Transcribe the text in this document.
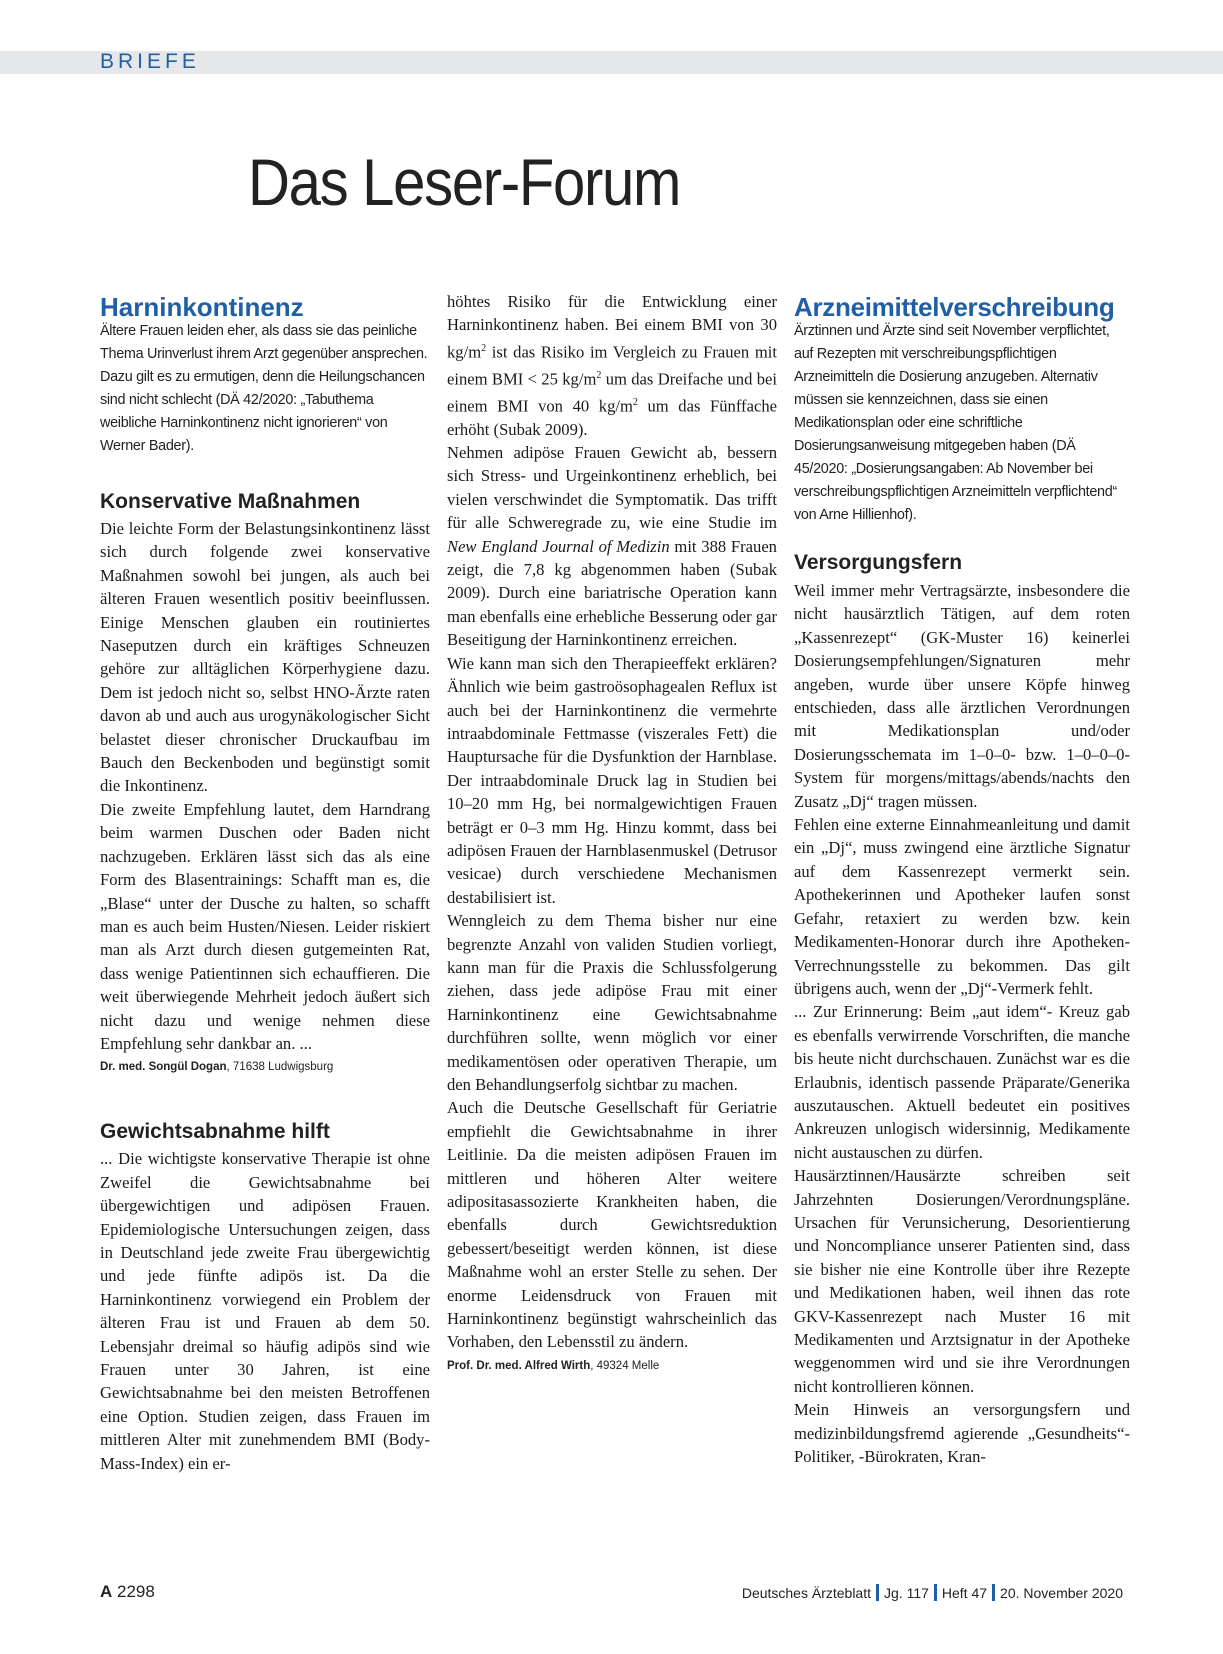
BRIEFE
Das Leser-Forum
Harninkontinenz

Ältere Frauen leiden eher, als dass sie das peinliche Thema Urinverlust ihrem Arzt gegenüber ansprechen. Dazu gilt es zu ermutigen, denn die Heilungschancen sind nicht schlecht (DÄ 42/2020: „Tabuthema weibliche Harninkontinenz nicht ignorieren“ von Werner Bader).

Konservative Maßnahmen

Die leichte Form der Belastungsinkontinenz lässt sich durch folgende zwei konservative Maßnahmen sowohl bei jungen, als auch bei älteren Frauen wesentlich positiv beeinflussen. Einige Menschen glauben ein routiniertes Naseputzen durch ein kräftiges Schneuzen gehöre zur alltäglichen Körperhygiene dazu. Dem ist jedoch nicht so, selbst HNO-Ärzte raten davon ab und auch aus urogynäkologischer Sicht belastet dieser chronischer Druckaufbau im Bauch den Beckenboden und begünstigt somit die Inkontinenz.

Die zweite Empfehlung lautet, dem Harndrang beim warmen Duschen oder Baden nicht nachzugeben. Erklären lässt sich das als eine Form des Blasentrainings: Schafft man es, die „Blase“ unter der Dusche zu halten, so schafft man es auch beim Husten/Niesen. Leider riskiert man als Arzt durch diesen gutgemeinten Rat, dass wenige Patientinnen sich echauffieren. Die weit überwiegende Mehrheit jedoch äußert sich nicht dazu und wenige nehmen diese Empfehlung sehr dankbar an. ...

Dr. med. Songül Dogan, 71638 Ludwigsburg

Gewichtsabnahme hilft

... Die wichtigste konservative Therapie ist ohne Zweifel die Gewichtsabnahme bei übergewichtigen und adipösen Frauen. Epidemiologische Untersuchungen zeigen, dass in Deutschland jede zweite Frau übergewichtig und jede fünfte adipös ist. Da die Harninkontinenz vorwiegend ein Problem der älteren Frau ist und Frauen ab dem 50. Lebensjahr dreimal so häufig adipös sind wie Frauen unter 30 Jahren, ist eine Gewichtsabnahme bei den meisten Betroffenen eine Option. Studien zeigen, dass Frauen im mittleren Alter mit zunehmendem BMI (Body-Mass-Index) ein er-

höhtes Risiko für die Entwicklung einer Harninkontinenz haben. Bei einem BMI von 30 $kg/m^2$ ist das Risiko im Vergleich zu Frauen mit einem BMI < 25 $kg/m^2$ um das Dreifache und bei einem BMI von 40 $kg/m^2$ um das Fünffache erhöht (Subak 2009).

Nehmen adipöse Frauen Gewicht ab, bessern sich Stress- und Urgeinkontinenz erheblich, bei vielen verschwindet die Symptomatik. Das trifft für alle Schweregrade zu, wie eine Studie im New England Journal of Medizin mit 388 Frauen zeigt, die 7,8 kg abgenommen haben (Subak 2009). Durch eine bariatrische Operation kann man ebenfalls eine erhebliche Besserung oder gar Beseitigung der Harninkontinenz erreichen.

Wie kann man sich den Therapieeffekt erklären? Ähnlich wie beim gastroösophagealen Reflux ist auch bei der Harninkontinenz die vermehrte intraabdominale Fettmasse (viszerales Fett) die Hauptursache für die Dysfunktion der Harnblase. Der intraabdominale Druck lag in Studien bei 10–20 mm Hg, bei normalgewichtigen Frauen beträgt er 0–3 mm Hg. Hinzu kommt, dass bei adipösen Frauen der Harnblasenmuskel (Detrusor vesicae) durch verschiedene Mechanismen destabilisiert ist.

Wenngleich zu dem Thema bisher nur eine begrenzte Anzahl von validen Studien vorliegt, kann man für die Praxis die Schlussfolgerung ziehen, dass jede adipöse Frau mit einer Harninkontinenz eine Gewichtsabnahme durchführen sollte, wenn möglich vor einer medikamentösen oder operativen Therapie, um den Behandlungserfolg sichtbar zu machen.

Auch die Deutsche Gesellschaft für Geriatrie empfiehlt die Gewichtsabnahme in ihrer Leitlinie. Da die meisten adipösen Frauen im mittleren und höheren Alter weitere adipositasassozierte Krankheiten haben, die ebenfalls durch Gewichtsreduktion gebessert/beseitigt werden können, ist diese Maßnahme wohl an erster Stelle zu sehen. Der enorme Leidensdruck von Frauen mit Harninkontinenz begünstigt wahrscheinlich das Vorhaben, den Lebensstil zu ändern.

Prof. Dr. med. Alfred Wirth, 49324 Melle

Arzneimittelverschreibung

Ärztinnen und Ärzte sind seit November verpflichtet, auf Rezepten mit verschreibungspflichtigen Arzneimitteln die Dosierung anzugeben. Alternativ müssen sie kennzeichnen, dass sie einen Medikationsplan oder eine schriftliche Dosierungsanweisung mitgegeben haben (DÄ 45/2020: „Dosierungsangaben: Ab November bei verschreibungspflichtigen Arzneimitteln verpflichtend“ von Arne Hillienhof).

Versorgungsfern

Weil immer mehr Vertragsärzte, insbesondere die nicht hausärztlich Tätigen, auf dem roten „Kassenrezept“ (GK-Muster 16) keinerlei Dosierungsempfehlungen/Signaturen mehr angeben, wurde über unsere Köpfe hinweg entschieden, dass alle ärztlichen Verordnungen mit Medikationsplan und/oder Dosierungsschemata im 1–0–0- bzw. 1–0–0–0-System für morgens/mittags/abends/nachts den Zusatz „Dj“ tragen müssen.

Fehlen eine externe Einnahmeanleitung und damit ein „Dj“, muss zwingend eine ärztliche Signatur auf dem Kassenrezept vermerkt sein. Apothekerinnen und Apotheker laufen sonst Gefahr, retaxiert zu werden bzw. kein Medikamenten-Honorar durch ihre Apotheken-Verrechnungsstelle zu bekommen. Das gilt übrigens auch, wenn der „Dj“-Vermerk fehlt.

... Zur Erinnerung: Beim „aut idem“- Kreuz gab es ebenfalls verwirrende Vorschriften, die manche bis heute nicht durchschauen. Zunächst war es die Erlaubnis, identisch passende Präparate/Generika auszutauschen. Aktuell bedeutet ein positives Ankreuzen unlogisch widersinnig, Medikamente nicht austauschen zu dürfen.

Hausärztinnen/Hausärzte schreiben seit Jahrzehnten Dosierungen/Verordnungspläne. Ursachen für Verunsicherung, Desorientierung und Noncompliance unserer Patienten sind, dass sie bisher nie eine Kontrolle über ihre Rezepte und Medikationen haben, weil ihnen das rote GKV-Kassenrezept nach Muster 16 mit Medikamenten und Arztsignatur in der Apotheke weggenommen wird und sie ihre Verordnungen nicht kontrollieren können.

Mein Hinweis an versorgungsfern und medizinbildungsfremd agierende „Gesundheits“-Politiker, -Bürokraten, Kran-

A 2298	Deutsches Ärzteblatt Jg. 117 Heft 47 20. November 2020
